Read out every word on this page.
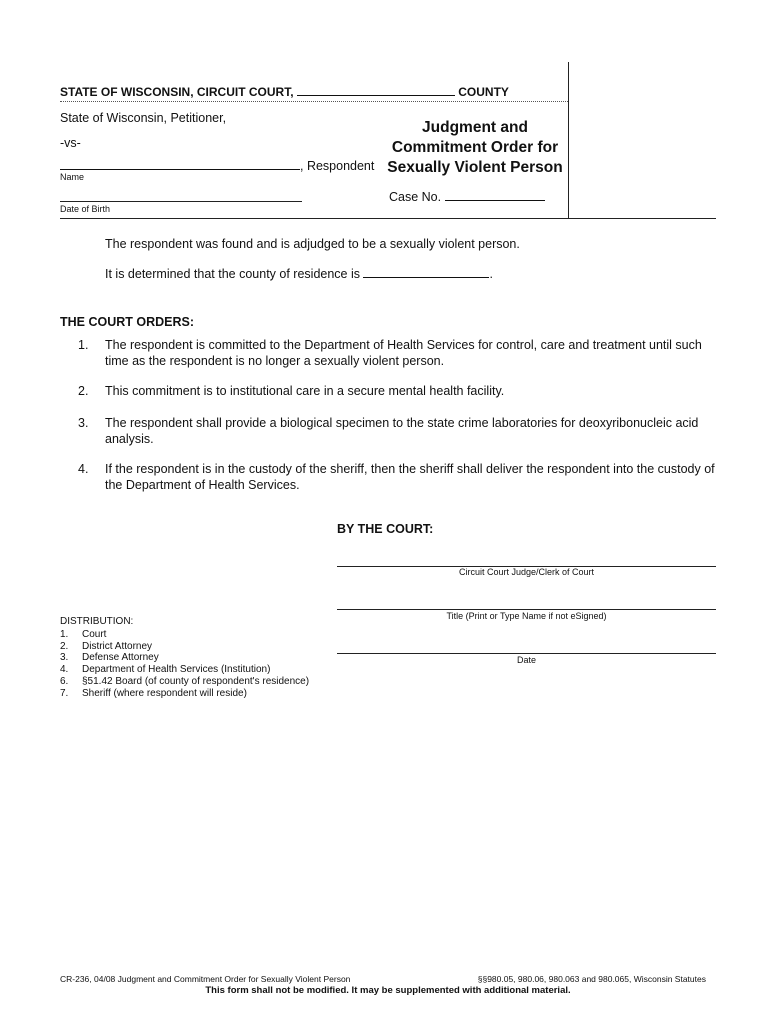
STATE OF WISCONSIN, CIRCUIT COURT,	COUNTY
State of Wisconsin, Petitioner,
-vs-
, Respondent
Name
Date of Birth
Judgment and
Commitment Order for
Sexually Violent Person
Case No.
The respondent was found and is adjudged to be a sexually violent person.
It is determined that the county of residence is	.
THE COURT ORDERS:
1. The respondent is committed to the Department of Health Services for control, care and treatment until such time as the respondent is no longer a sexually violent person.
2. This commitment is to institutional care in a secure mental health facility.
3. The respondent shall provide a biological specimen to the state crime laboratories for deoxyribonucleic acid analysis.
4. If the respondent is in the custody of the sheriff, then the sheriff shall deliver the respondent into the custody of the Department of Health Services.
BY THE COURT:
Circuit Court Judge/Clerk of Court
Title (Print or Type Name if not eSigned)
Date
DISTRIBUTION:
1. Court
2. District Attorney
3. Defense Attorney
4. Department of Health Services (Institution)
6. §51.42 Board (of county of respondent's residence)
7. Sheriff (where respondent will reside)
CR-236, 04/08 Judgment and Commitment Order for Sexually Violent Person	§§980.05, 980.06, 980.063 and 980.065, Wisconsin Statutes
This form shall not be modified. It may be supplemented with additional material.
